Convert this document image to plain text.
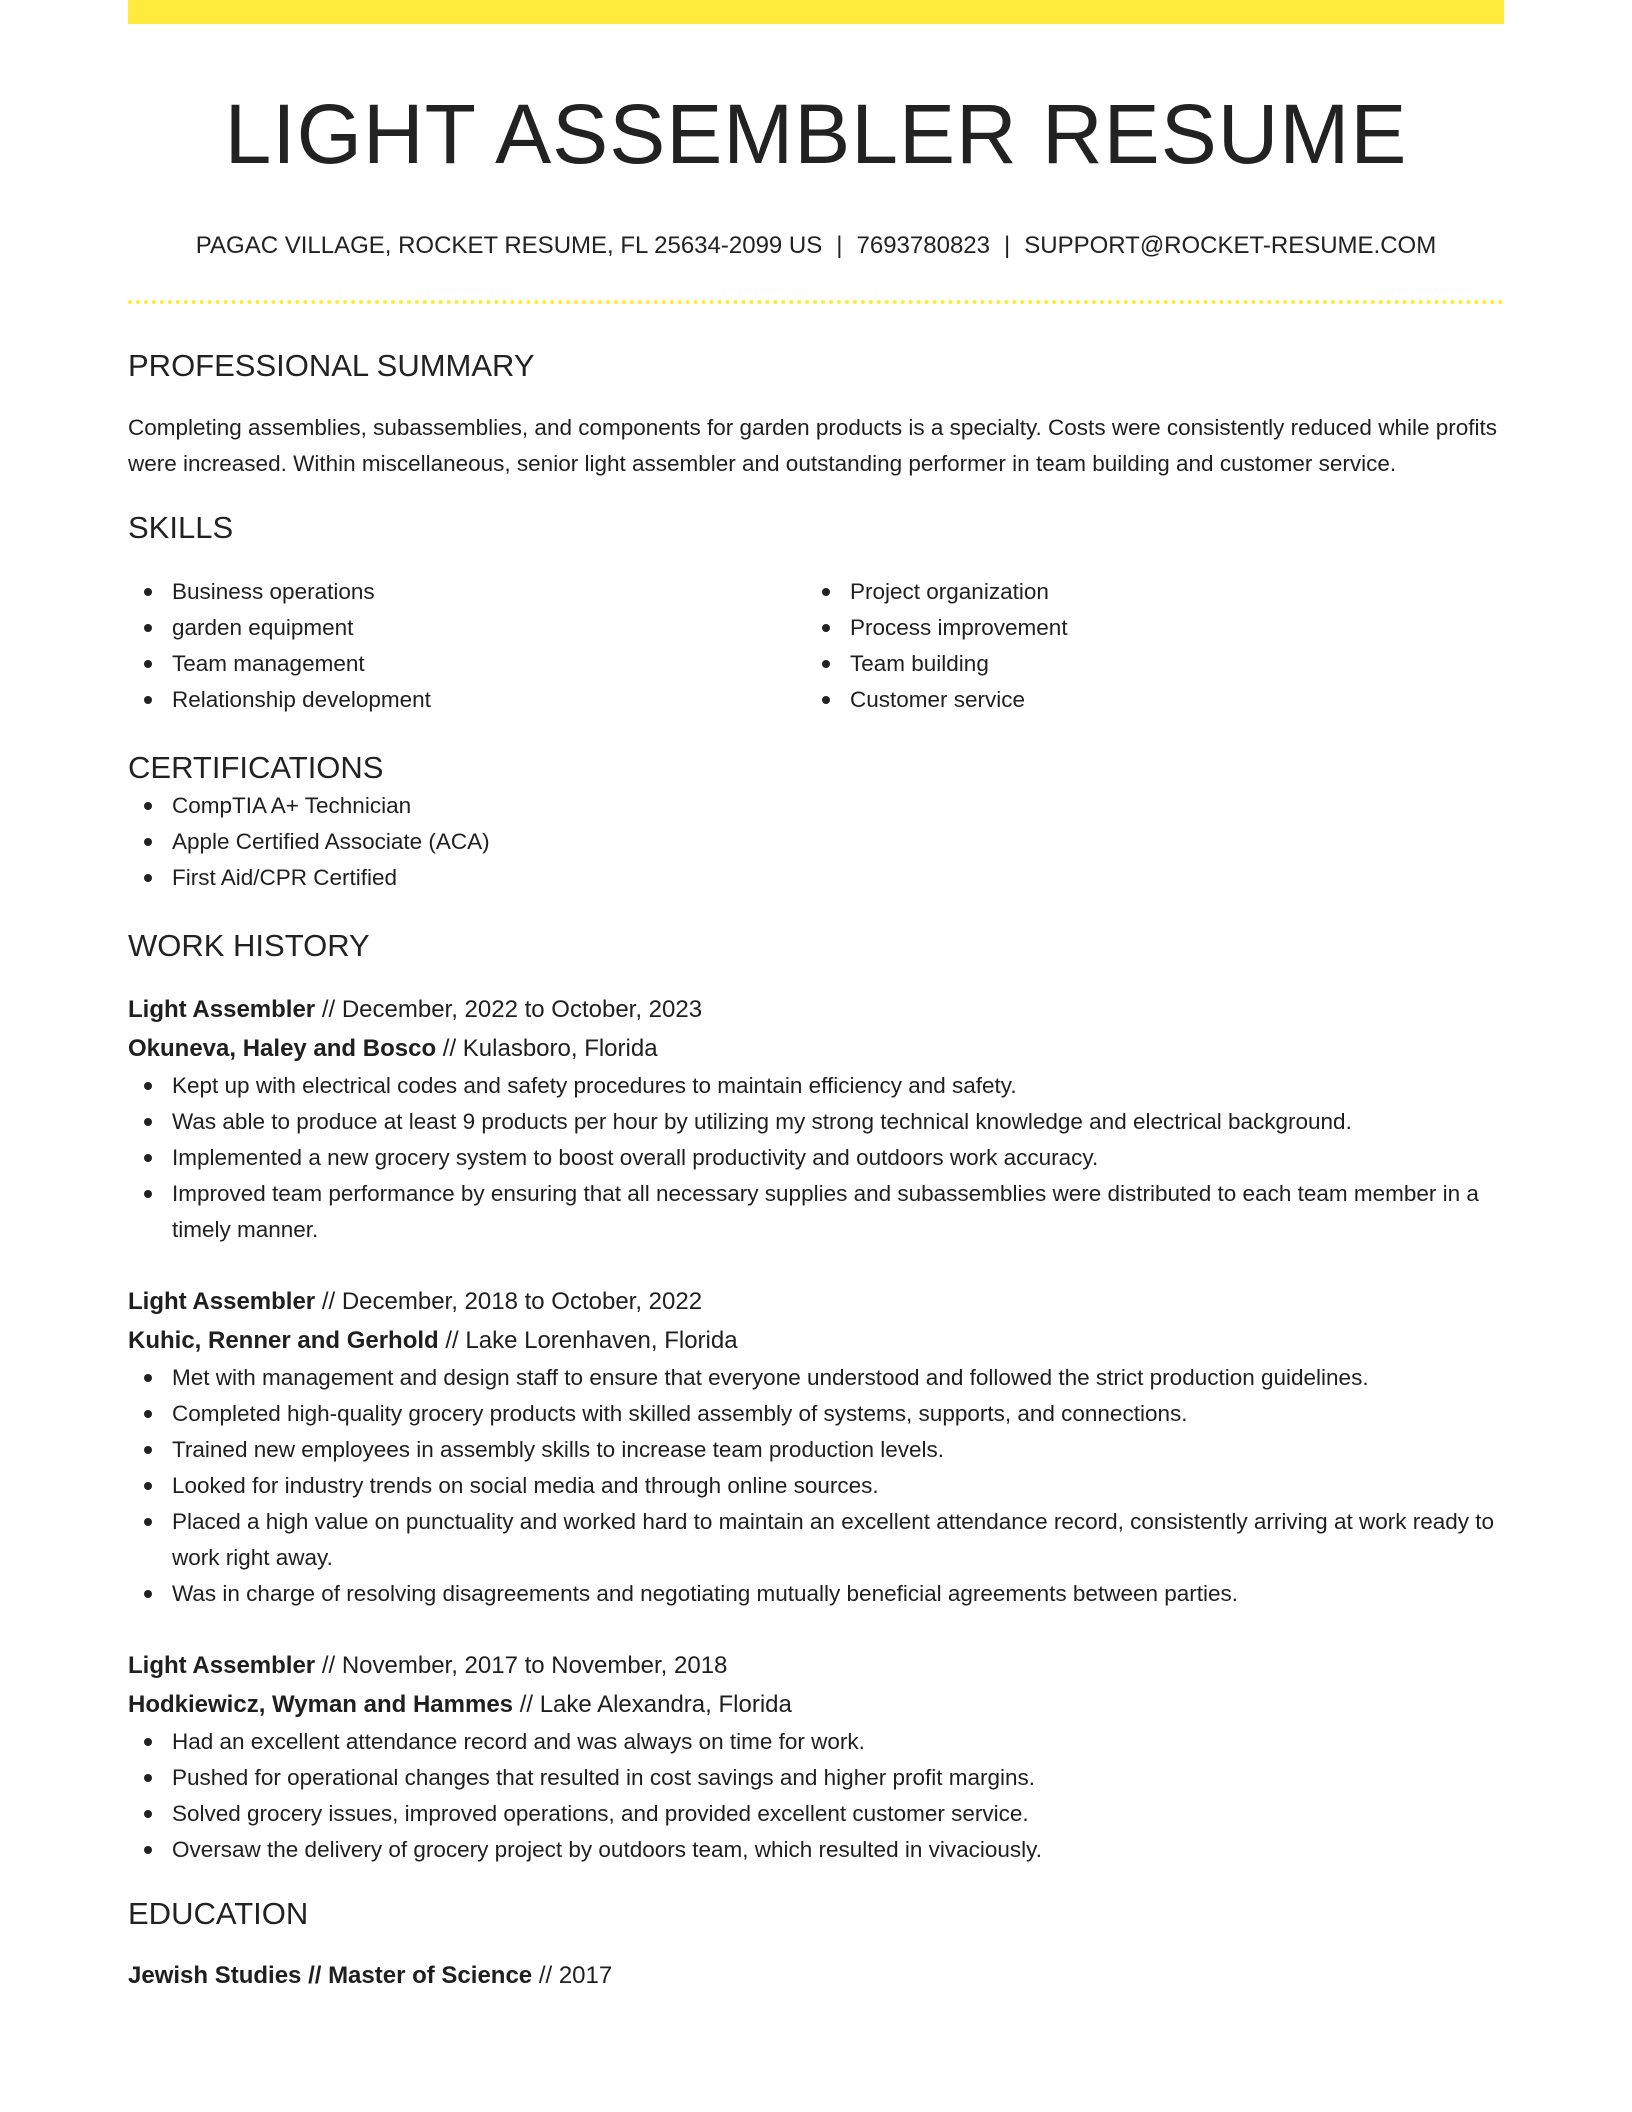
LIGHT ASSEMBLER RESUME
PAGAC VILLAGE, ROCKET RESUME, FL 25634-2099 US | 7693780823 | SUPPORT@ROCKET-RESUME.COM
PROFESSIONAL SUMMARY

Completing assemblies, subassemblies, and components for garden products is a specialty. Costs were consistently reduced while profits were increased. Within miscellaneous, senior light assembler and outstanding performer in team building and customer service.

SKILLS
Business operations
garden equipment
Team management
Relationship development
Project organization
Process improvement
Team building
Customer service
CERTIFICATIONS
CompTIA A+ Technician
Apple Certified Associate (ACA)
First Aid/CPR Certified
WORK HISTORY
Light Assembler // December, 2022 to October, 2023
Okuneva, Haley and Bosco // Kulasboro, Florida
Kept up with electrical codes and safety procedures to maintain efficiency and safety.
Was able to produce at least 9 products per hour by utilizing my strong technical knowledge and electrical background.
Implemented a new grocery system to boost overall productivity and outdoors work accuracy.
Improved team performance by ensuring that all necessary supplies and subassemblies were distributed to each team member in a timely manner.
Light Assembler // December, 2018 to October, 2022
Kuhic, Renner and Gerhold // Lake Lorenhaven, Florida
Met with management and design staff to ensure that everyone understood and followed the strict production guidelines.
Completed high-quality grocery products with skilled assembly of systems, supports, and connections.
Trained new employees in assembly skills to increase team production levels.
Looked for industry trends on social media and through online sources.
Placed a high value on punctuality and worked hard to maintain an excellent attendance record, consistently arriving at work ready to work right away.
Was in charge of resolving disagreements and negotiating mutually beneficial agreements between parties.
Light Assembler // November, 2017 to November, 2018
Hodkiewicz, Wyman and Hammes // Lake Alexandra, Florida
Had an excellent attendance record and was always on time for work.
Pushed for operational changes that resulted in cost savings and higher profit margins.
Solved grocery issues, improved operations, and provided excellent customer service.
Oversaw the delivery of grocery project by outdoors team, which resulted in vivaciously.
EDUCATION
Jewish Studies // Master of Science // 2017
